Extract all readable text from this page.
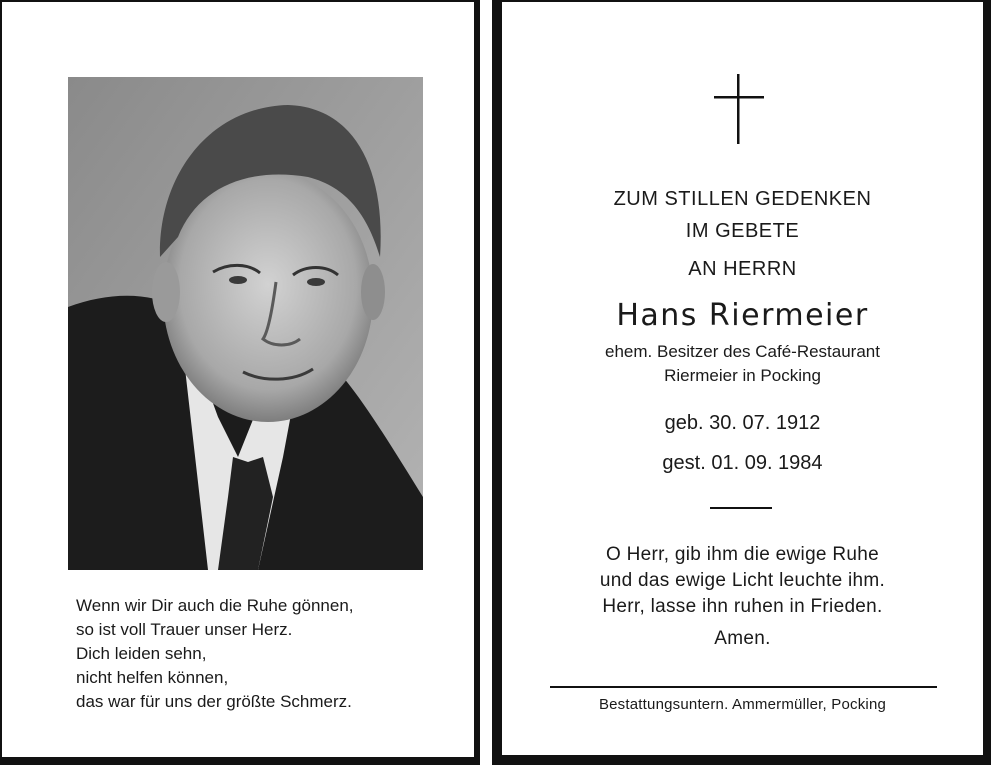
Wenn wir Dir auch die Ruhe gönnen,
so ist voll Trauer unser Herz.
Dich leiden sehn,
nicht helfen können,
das war für uns der größte Schmerz.
ZUM STILLEN GEDENKEN
IM GEBETE
AN HERRN
Hans Riermeier
ehem. Besitzer des Café-Restaurant
Riermeier in Pocking
geb. 30. 07. 1912
gest. 01. 09. 1984
O Herr, gib ihm die ewige Ruhe
und das ewige Licht leuchte ihm.
Herr, lasse ihn ruhen in Frieden.
Amen.
Bestattungsuntern. Ammermüller, Pocking
